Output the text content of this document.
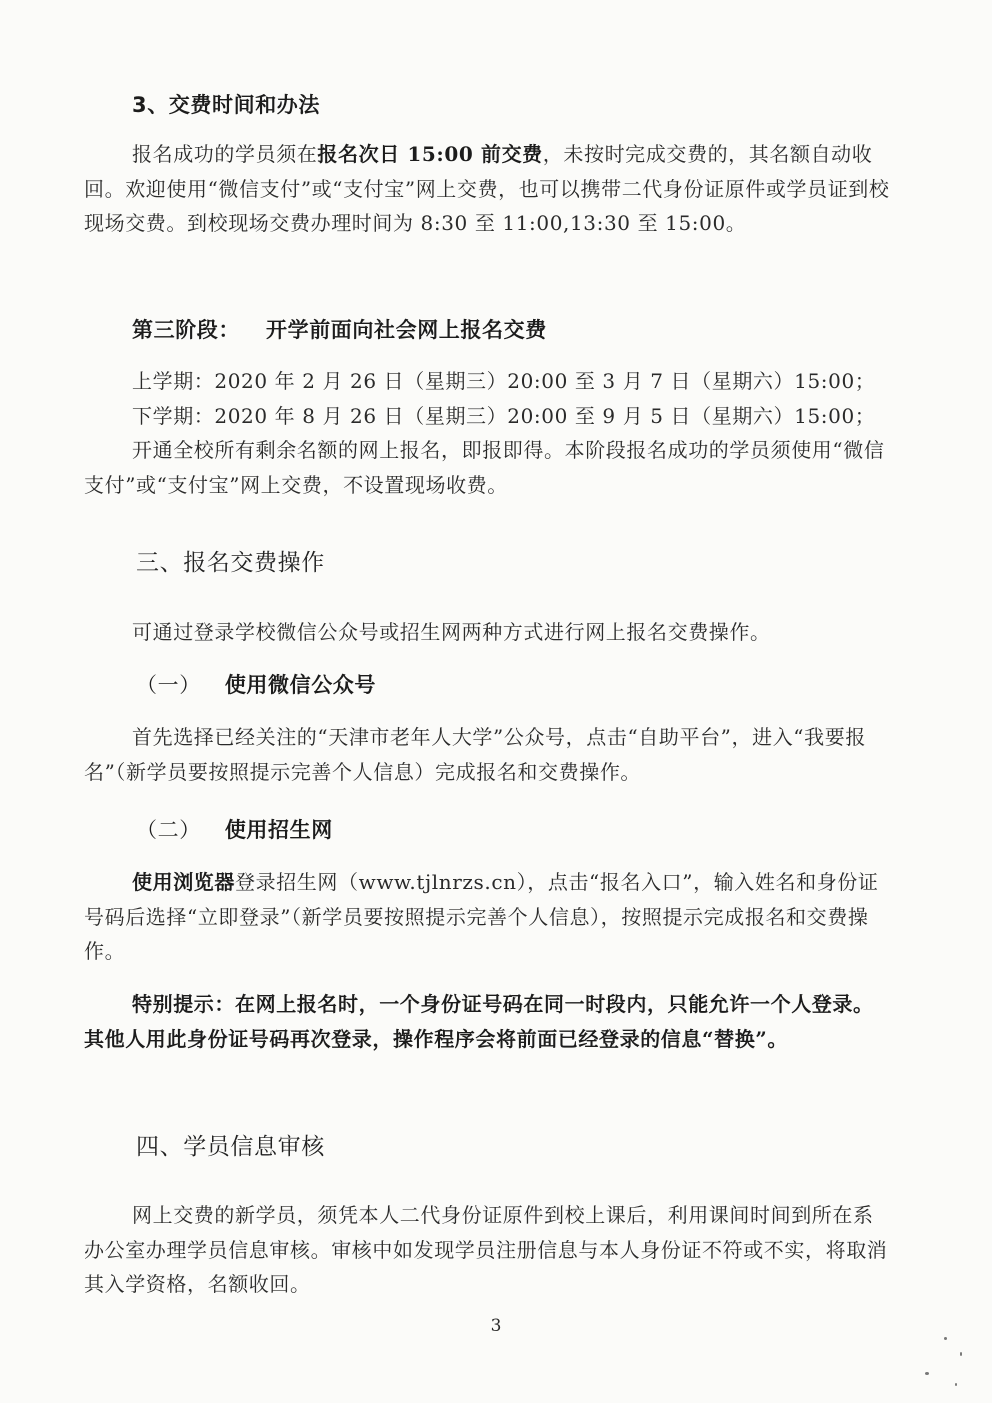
3、交费时间和办法

报名成功的学员须在报名次日 15:00 前交费，未按时完成交费的，其名额自动收回。欢迎使用“微信支付”或“支付宝”网上交费，也可以携带二代身份证原件或学员证到校现场交费。到校现场交费办理时间为 8:30 至 11:00,13:30 至 15:00。

第三阶段： 开学前面向社会网上报名交费

上学期：2020 年 2 月 26 日（星期三）20:00 至 3 月 7 日（星期六）15:00；

下学期：2020 年 8 月 26 日（星期三）20:00 至 9 月 5 日（星期六）15:00；

开通全校所有剩余名额的网上报名，即报即得。本阶段报名成功的学员须使用“微信支付”或“支付宝”网上交费，不设置现场收费。

三、报名交费操作

可通过登录学校微信公众号或招生网两种方式进行网上报名交费操作。

（一） 使用微信公众号

首先选择已经关注的“天津市老年人大学”公众号，点击“自助平台”，进入“我要报名”（新学员要按照提示完善个人信息）完成报名和交费操作。

（二） 使用招生网

使用浏览器登录招生网（www.tjlnrzs.cn），点击“报名入口”，输入姓名和身份证号码后选择“立即登录”（新学员要按照提示完善个人信息），按照提示完成报名和交费操作。

特别提示：在网上报名时，一个身份证号码在同一时段内，只能允许一个人登录。其他人用此身份证号码再次登录，操作程序会将前面已经登录的信息“替换”。

四、学员信息审核

网上交费的新学员，须凭本人二代身份证原件到校上课后，利用课间时间到所在系办公室办理学员信息审核。审核中如发现学员注册信息与本人身份证不符或不实，将取消其入学资格，名额收回。

3
